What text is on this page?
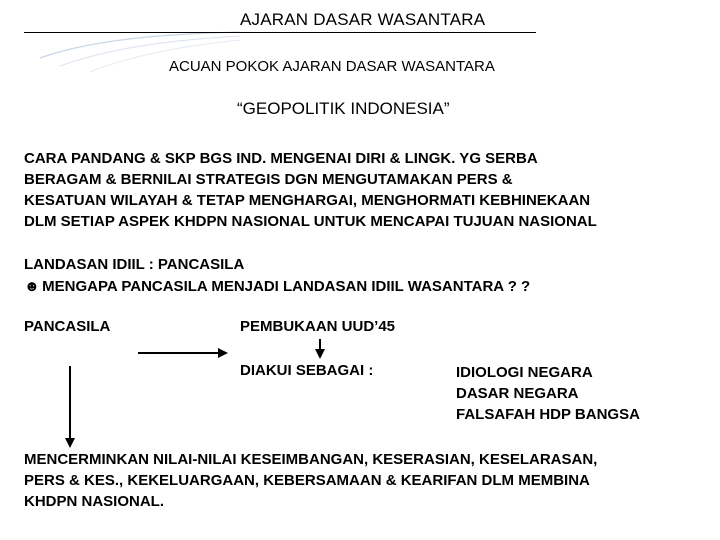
AJARAN DASAR WASANTARA
ACUAN POKOK AJARAN DASAR WASANTARA
“GEOPOLITIK INDONESIA”
CARA PANDANG & SKP BGS IND. MENGENAI DIRI & LINGK. YG SERBA
BERAGAM & BERNILAI STRATEGIS DGN MENGUTAMAKAN PERS &
KESATUAN WILAYAH & TETAP MENGHARGAI, MENGHORMATI KEBHINEKAAN
DLM SETIAP ASPEK KHDPN NASIONAL UNTUK MENCAPAI TUJUAN NASIONAL
LANDASAN IDIIL : PANCASILA
☻ MENGAPA PANCASILA MENJADI LANDASAN IDIIL WASANTARA ? ?
PANCASILA	PEMBUKAAN UUD’45
DIAKUI SEBAGAI :	IDIOLOGI NEGARA
DASAR NEGARA
FALSAFAH HDP BANGSA
MENCERMINKAN NILAI-NILAI KESEIMBANGAN, KESERASIAN, KESELARASAN,
PERS & KES., KEKELUARGAAN, KEBERSAMAAN & KEARIFAN DLM MEMBINA
KHDPN NASIONAL.
